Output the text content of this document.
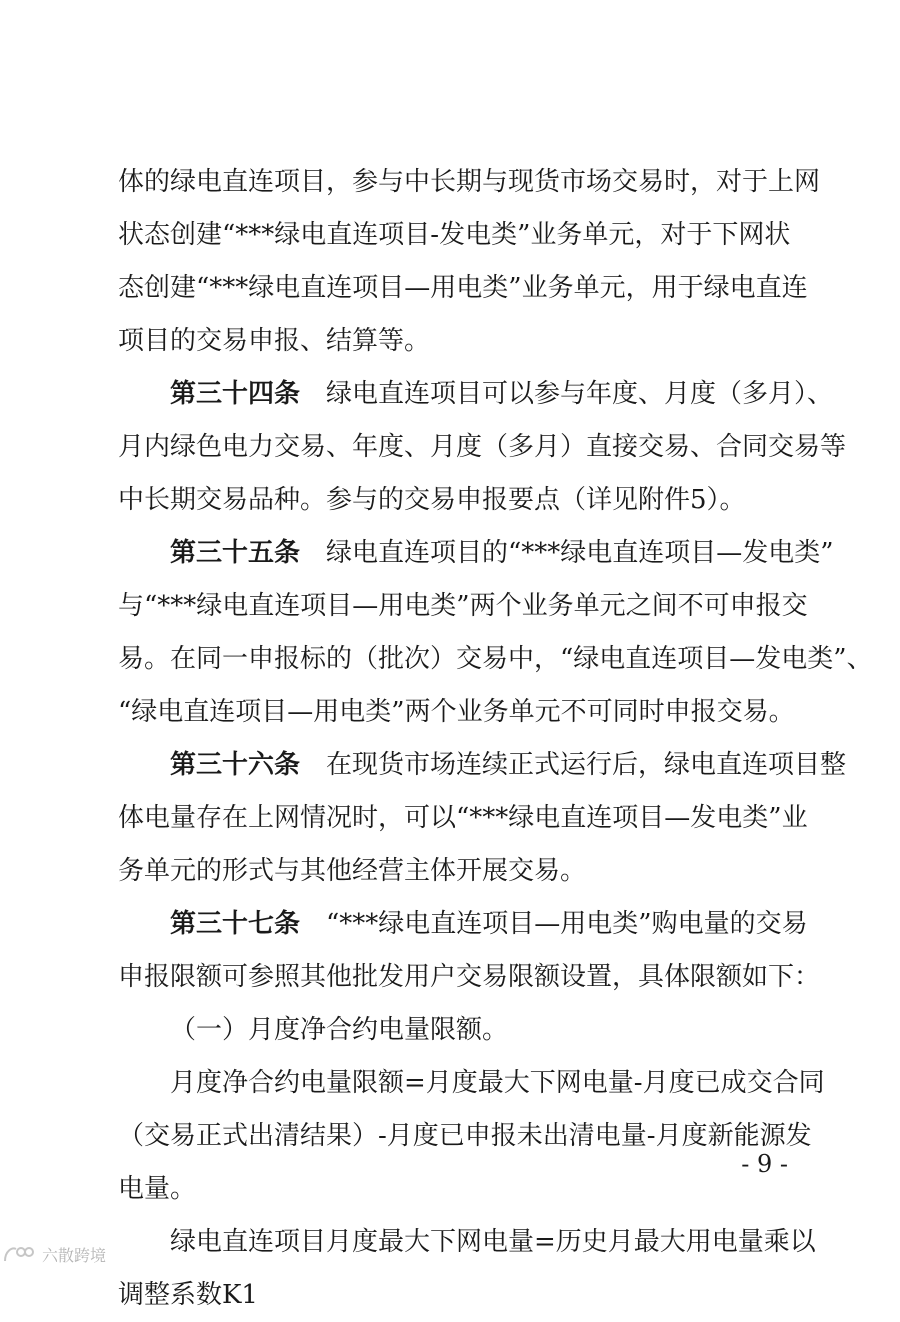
体的绿电直连项目，参与中长期与现货市场交易时，对于上网
状态创建“***绿电直连项目-发电类”业务单元，对于下网状
态创建“***绿电直连项目—用电类”业务单元，用于绿电直连
项目的交易申报、结算等。
第三十四条 绿电直连项目可以参与年度、月度（多月）、
月内绿色电力交易、年度、月度（多月）直接交易、合同交易等
中长期交易品种。参与的交易申报要点（详见附件5）。
第三十五条 绿电直连项目的“***绿电直连项目—发电类”
与“***绿电直连项目—用电类”两个业务单元之间不可申报交
易。在同一申报标的（批次）交易中，“绿电直连项目—发电类”、
“绿电直连项目—用电类”两个业务单元不可同时申报交易。
第三十六条 在现货市场连续正式运行后，绿电直连项目整
体电量存在上网情况时，可以“***绿电直连项目—发电类”业
务单元的形式与其他经营主体开展交易。
第三十七条 “***绿电直连项目—用电类”购电量的交易
申报限额可参照其他批发用户交易限额设置，具体限额如下：
（一）月度净合约电量限额。
月度净合约电量限额=月度最大下网电量-月度已成交合同
（交易正式出清结果）-月度已申报未出清电量-月度新能源发
电量。
绿电直连项目月度最大下网电量=历史月最大用电量乘以
调整系数K1
- 9 -
六散跨境
